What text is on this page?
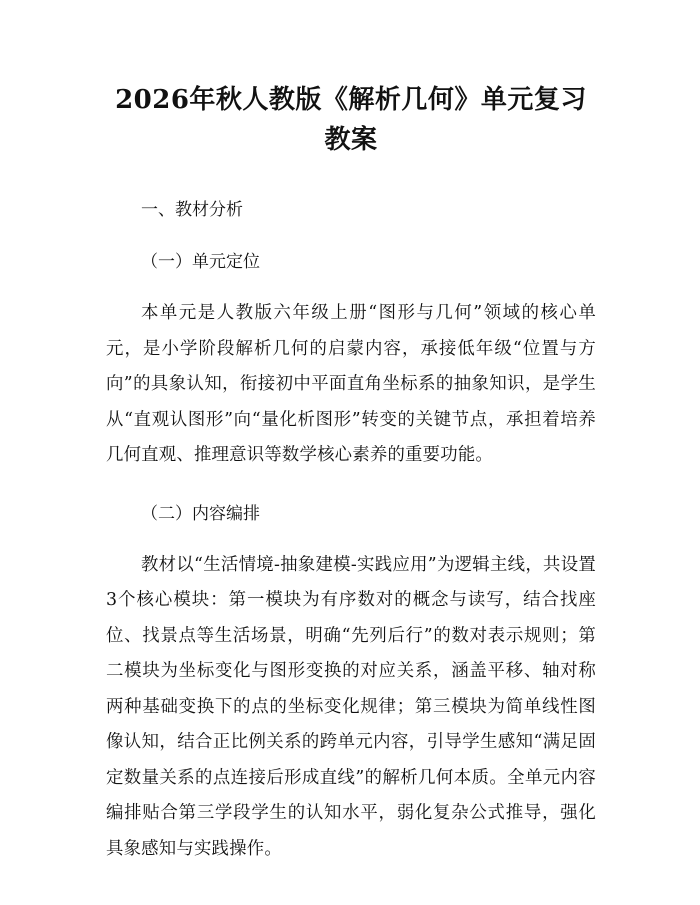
2026年秋人教版《解析几何》单元复习教案
一、教材分析
（一）单元定位

本单元是人教版六年级上册“图形与几何”领域的核心单元，是小学阶段解析几何的启蒙内容，承接低年级“位置与方向”的具象认知，衔接初中平面直角坐标系的抽象知识，是学生从“直观认图形”向“量化析图形”转变的关键节点，承担着培养几何直观、推理意识等数学核心素养的重要功能。

（二）内容编排

教材以“生活情境-抽象建模-实践应用”为逻辑主线，共设置3个核心模块：第一模块为有序数对的概念与读写，结合找座位、找景点等生活场景，明确“先列后行”的数对表示规则；第二模块为坐标变化与图形变换的对应关系，涵盖平移、轴对称两种基础变换下的点的坐标变化规律；第三模块为简单线性图像认知，结合正比例关系的跨单元内容，引导学生感知“满足固定数量关系的点连接后形成直线”的解析几何本质。全单元内容编排贴合第三学段学生的认知水平，弱化复杂公式推导，强化具象感知与实践操作。
